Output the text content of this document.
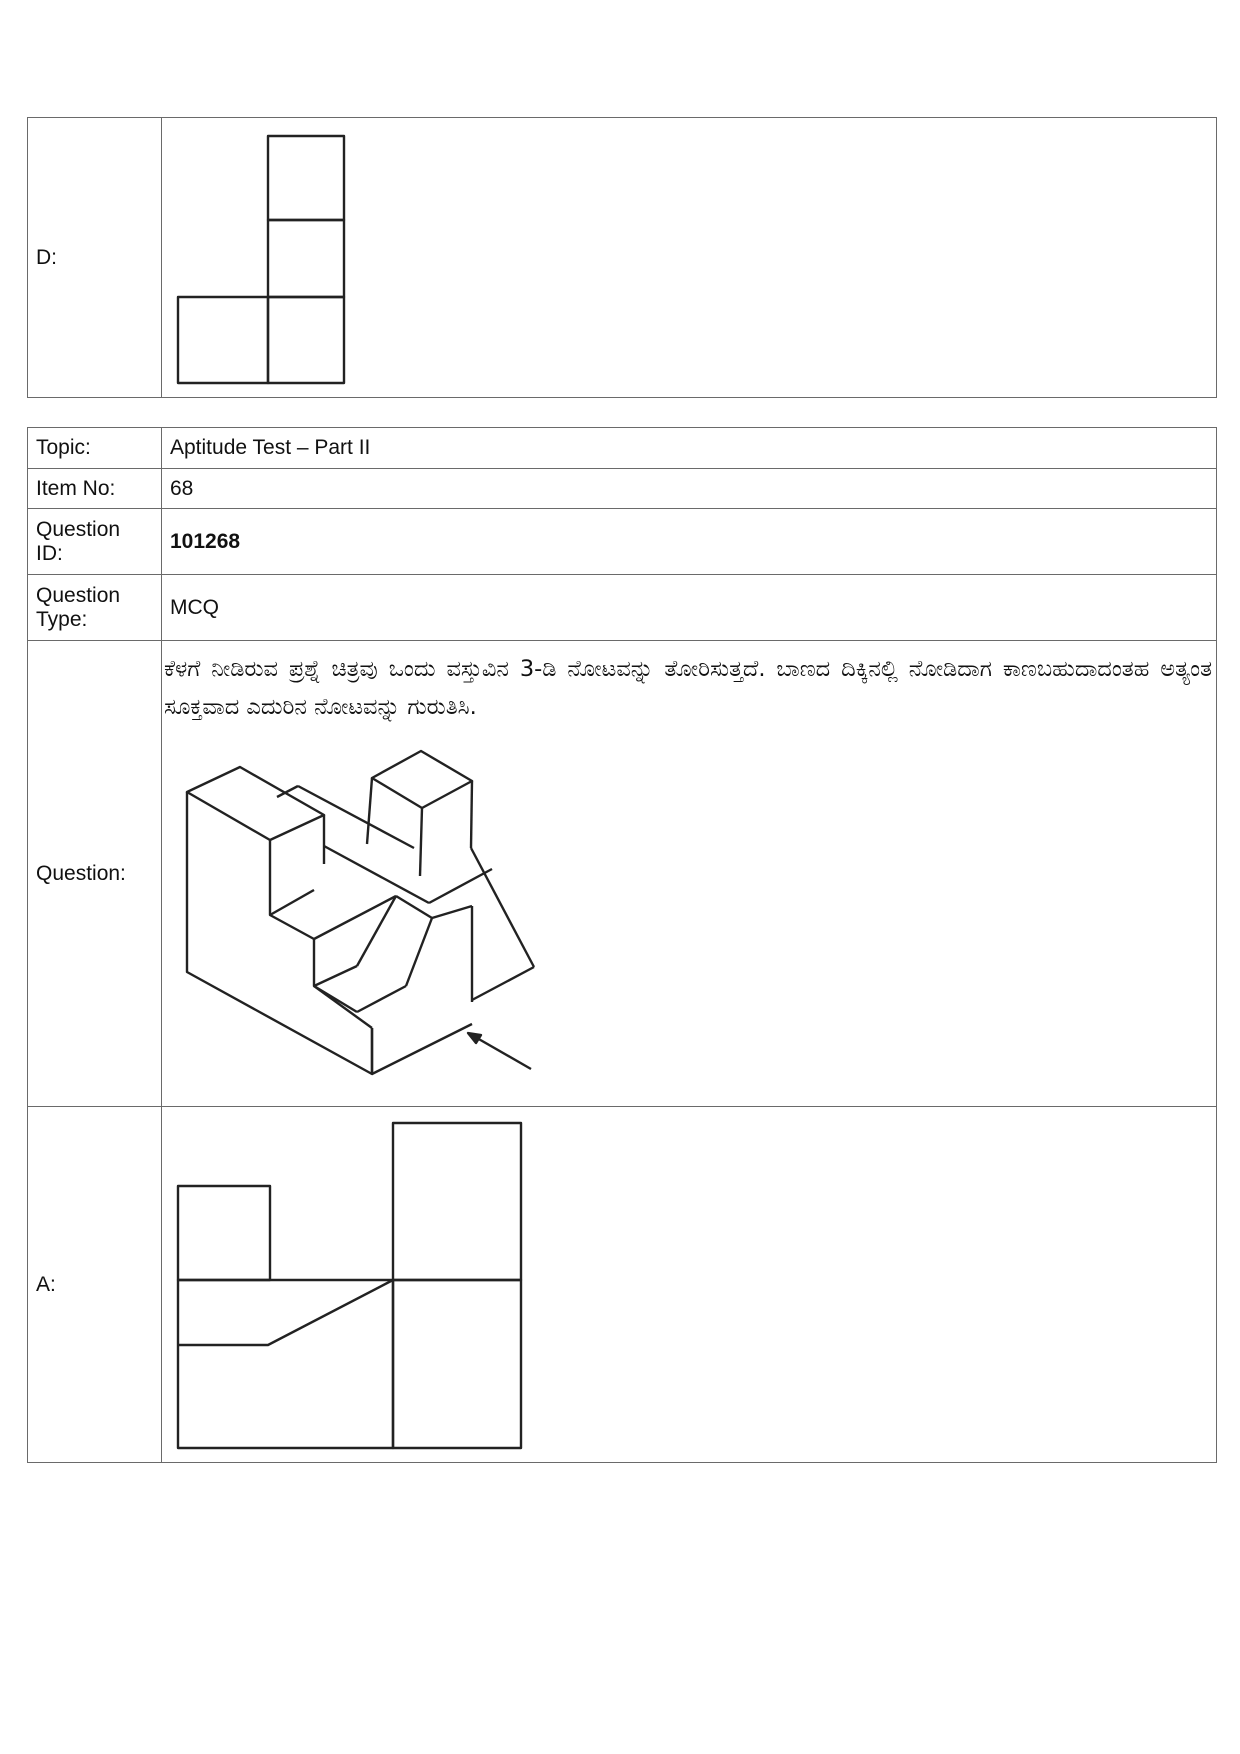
D:	
Topic:	Aptitude Test – Part II
Item No:	68
Question
ID:	101268
Question
Type:	MCQ
Question:	ಕೆಳಗೆ ನೀಡಿರುವ ಪ್ರಶ್ನೆ ಚಿತ್ರವು ಒಂದು ವಸ್ತುವಿನ 3-ಡಿ ನೋಟವನ್ನು ತೋರಿಸುತ್ತದೆ. ಬಾಣದ ದಿಕ್ಕಿನಲ್ಲಿ ನೋಡಿದಾಗ ಕಾಣಬಹುದಾದಂತಹ ಅತ್ಯಂತ ಸೂಕ್ತವಾದ ಎದುರಿನ ನೋಟವನ್ನು ಗುರುತಿಸಿ.

A:	
